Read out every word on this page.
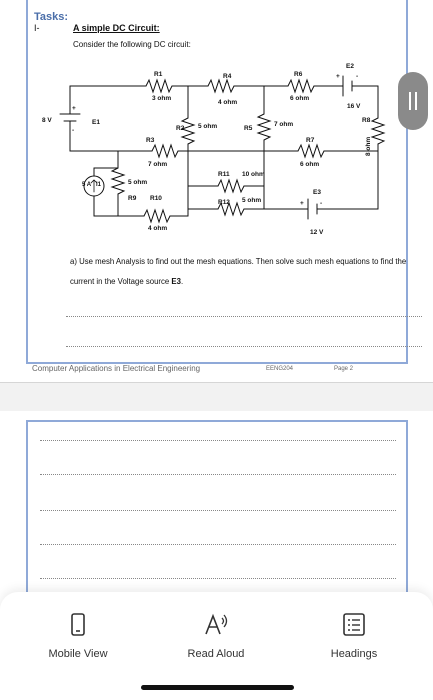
Tasks:
I-	A simple DC Circuit:
Consider the following DC circuit:
R1
3 ohm
R4
4 ohm
R6
6 ohm
E2
+ -
16 V
R8
8 ohm
8 V	E1
+
-	R2 5 ohm	R5
7 ohm
R3
7 ohm
R7
6 ohm
5 A I1	5 ohm
R9 R10
4 ohm
R11 10 ohm
R12 5 ohm
E3
+ -
12 V
a) Use mesh Analysis to find out the mesh equations. Then solve such mesh equations to find the current in the Voltage source E3.
Computer Applications in Electrical Engineering	EENG204	Page 2
Mobile View	Read Aloud	Headings
